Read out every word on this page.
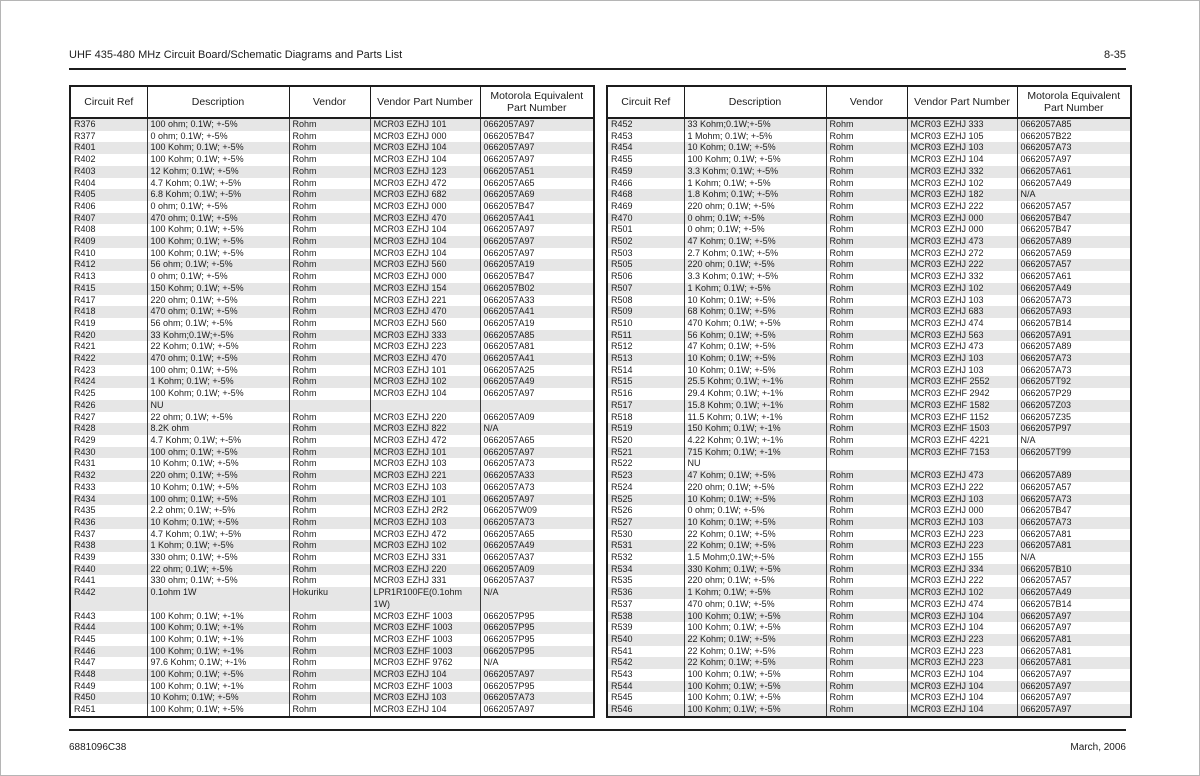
UHF 435-480 MHz Circuit Board/Schematic Diagrams and Parts List	8-35
Circuit Ref	Description	Vendor	Vendor Part Number	Motorola Equivalent Part Number
R376	100 ohm; 0.1W; +-5%	Rohm	MCR03 EZHJ 101	0662057A97
R377	0 ohm; 0.1W; +-5%	Rohm	MCR03 EZHJ 000	0662057B47
R401	100 Kohm; 0.1W; +-5%	Rohm	MCR03 EZHJ 104	0662057A97
R402	100 Kohm; 0.1W; +-5%	Rohm	MCR03 EZHJ 104	0662057A97
R403	12 Kohm; 0.1W; +-5%	Rohm	MCR03 EZHJ 123	0662057A51
R404	4.7 Kohm; 0.1W; +-5%	Rohm	MCR03 EZHJ 472	0662057A65
R405	6.8 Kohm; 0.1W; +-5%	Rohm	MCR03 EZHJ 682	0662057A69
R406	0 ohm; 0.1W; +-5%	Rohm	MCR03 EZHJ 000	0662057B47
R407	470 ohm; 0.1W; +-5%	Rohm	MCR03 EZHJ 470	0662057A41
R408	100 Kohm; 0.1W; +-5%	Rohm	MCR03 EZHJ 104	0662057A97
R409	100 Kohm; 0.1W; +-5%	Rohm	MCR03 EZHJ 104	0662057A97
R410	100 Kohm; 0.1W; +-5%	Rohm	MCR03 EZHJ 104	0662057A97
R412	56 ohm; 0.1W; +-5%	Rohm	MCR03 EZHJ 560	0662057A19
R413	0 ohm; 0.1W; +-5%	Rohm	MCR03 EZHJ 000	0662057B47
R415	150 Kohm; 0.1W; +-5%	Rohm	MCR03 EZHJ 154	0662057B02
R417	220 ohm; 0.1W; +-5%	Rohm	MCR03 EZHJ 221	0662057A33
R418	470 ohm; 0.1W; +-5%	Rohm	MCR03 EZHJ 470	0662057A41
R419	56 ohm; 0.1W; +-5%	Rohm	MCR03 EZHJ 560	0662057A19
R420	33 Kohm;0.1W;+-5%	Rohm	MCR03 EZHJ 333	0662057A85
R421	22 Kohm; 0.1W; +-5%	Rohm	MCR03 EZHJ 223	0662057A81
R422	470 ohm; 0.1W; +-5%	Rohm	MCR03 EZHJ 470	0662057A41
R423	100 ohm; 0.1W; +-5%	Rohm	MCR03 EZHJ 101	0662057A25
R424	1 Kohm; 0.1W; +-5%	Rohm	MCR03 EZHJ 102	0662057A49
R425	100 Kohm; 0.1W; +-5%	Rohm	MCR03 EZHJ 104	0662057A97
R426	NU			
R427	22 ohm; 0.1W; +-5%	Rohm	MCR03 EZHJ 220	0662057A09
R428	8.2K ohm	Rohm	MCR03 EZHJ 822	N/A
R429	4.7 Kohm; 0.1W; +-5%	Rohm	MCR03 EZHJ 472	0662057A65
R430	100 ohm; 0.1W; +-5%	Rohm	MCR03 EZHJ 101	0662057A97
R431	10 Kohm; 0.1W; +-5%	Rohm	MCR03 EZHJ 103	0662057A73
R432	220 ohm; 0.1W; +-5%	Rohm	MCR03 EZHJ 221	0662057A33
R433	10 Kohm; 0.1W; +-5%	Rohm	MCR03 EZHJ 103	0662057A73
R434	100 ohm; 0.1W; +-5%	Rohm	MCR03 EZHJ 101	0662057A97
R435	2.2 ohm; 0.1W; +-5%	Rohm	MCR03 EZHJ 2R2	0662057W09
R436	10 Kohm; 0.1W; +-5%	Rohm	MCR03 EZHJ 103	0662057A73
R437	4.7 Kohm; 0.1W; +-5%	Rohm	MCR03 EZHJ 472	0662057A65
R438	1 Kohm; 0.1W; +-5%	Rohm	MCR03 EZHJ 102	0662057A49
R439	330 ohm; 0.1W; +-5%	Rohm	MCR03 EZHJ 331	0662057A37
R440	22 ohm; 0.1W; +-5%	Rohm	MCR03 EZHJ 220	0662057A09
R441	330 ohm; 0.1W; +-5%	Rohm	MCR03 EZHJ 331	0662057A37
R442	0.1ohm 1W	Hokuriku	LPR1R100FE(0.1ohm 1W)	N/A
R443	100 Kohm; 0.1W; +-1%	Rohm	MCR03 EZHF 1003	0662057P95
R444	100 Kohm; 0.1W; +-1%	Rohm	MCR03 EZHF 1003	0662057P95
R445	100 Kohm; 0.1W; +-1%	Rohm	MCR03 EZHF 1003	0662057P95
R446	100 Kohm; 0.1W; +-1%	Rohm	MCR03 EZHF 1003	0662057P95
R447	97.6 Kohm; 0.1W; +-1%	Rohm	MCR03 EZHF 9762	N/A
R448	100 Kohm; 0.1W; +-5%	Rohm	MCR03 EZHJ 104	0662057A97
R449	100 Kohm; 0.1W; +-1%	Rohm	MCR03 EZHF 1003	0662057P95
R450	10 Kohm; 0.1W; +-5%	Rohm	MCR03 EZHJ 103	0662057A73
R451	100 Kohm; 0.1W; +-5%	Rohm	MCR03 EZHJ 104	0662057A97
Circuit Ref	Description	Vendor	Vendor Part Number	Motorola Equivalent Part Number
R452	33 Kohm;0.1W;+-5%	Rohm	MCR03 EZHJ 333	0662057A85
R453	1 Mohm; 0.1W; +-5%	Rohm	MCR03 EZHJ 105	0662057B22
R454	10 Kohm; 0.1W; +-5%	Rohm	MCR03 EZHJ 103	0662057A73
R455	100 Kohm; 0.1W; +-5%	Rohm	MCR03 EZHJ 104	0662057A97
R459	3.3 Kohm; 0.1W; +-5%	Rohm	MCR03 EZHJ 332	0662057A61
R466	1 Kohm; 0.1W; +-5%	Rohm	MCR03 EZHJ 102	0662057A49
R468	1.8 Kohm; 0.1W; +-5%	Rohm	MCR03 EZHJ 182	N/A
R469	220 ohm; 0.1W; +-5%	Rohm	MCR03 EZHJ 222	0662057A57
R470	0 ohm; 0.1W; +-5%	Rohm	MCR03 EZHJ 000	0662057B47
R501	0 ohm; 0.1W; +-5%	Rohm	MCR03 EZHJ 000	0662057B47
R502	47 Kohm; 0.1W; +-5%	Rohm	MCR03 EZHJ 473	0662057A89
R503	2.7 Kohm; 0.1W; +-5%	Rohm	MCR03 EZHJ 272	0662057A59
R505	220 ohm; 0.1W; +-5%	Rohm	MCR03 EZHJ 222	0662057A57
R506	3.3 Kohm; 0.1W; +-5%	Rohm	MCR03 EZHJ 332	0662057A61
R507	1 Kohm; 0.1W; +-5%	Rohm	MCR03 EZHJ 102	0662057A49
R508	10 Kohm; 0.1W; +-5%	Rohm	MCR03 EZHJ 103	0662057A73
R509	68 Kohm; 0.1W; +-5%	Rohm	MCR03 EZHJ 683	0662057A93
R510	470 Kohm; 0.1W; +-5%	Rohm	MCR03 EZHJ 474	0662057B14
R511	56 Kohm; 0.1W; +-5%	Rohm	MCR03 EZHJ 563	0662057A91
R512	47 Kohm; 0.1W; +-5%	Rohm	MCR03 EZHJ 473	0662057A89
R513	10 Kohm; 0.1W; +-5%	Rohm	MCR03 EZHJ 103	0662057A73
R514	10 Kohm; 0.1W; +-5%	Rohm	MCR03 EZHJ 103	0662057A73
R515	25.5 Kohm; 0.1W; +-1%	Rohm	MCR03 EZHF 2552	0662057T92
R516	29.4 Kohm; 0.1W; +-1%	Rohm	MCR03 EZHF 2942	0662057P29
R517	15.8 Kohm; 0.1W; +-1%	Rohm	MCR03 EZHF 1582	0662057Z03
R518	11.5 Kohm; 0.1W; +-1%	Rohm	MCR03 EZHF 1152	0662057Z35
R519	150 Kohm; 0.1W; +-1%	Rohm	MCR03 EZHF 1503	0662057P97
R520	4.22 Kohm; 0.1W; +-1%	Rohm	MCR03 EZHF 4221	N/A
R521	715 Kohm; 0.1W; +-1%	Rohm	MCR03 EZHF 7153	0662057T99
R522	NU			
R523	47 Kohm; 0.1W; +-5%	Rohm	MCR03 EZHJ 473	0662057A89
R524	220 ohm; 0.1W; +-5%	Rohm	MCR03 EZHJ 222	0662057A57
R525	10 Kohm; 0.1W; +-5%	Rohm	MCR03 EZHJ 103	0662057A73
R526	0 ohm; 0.1W; +-5%	Rohm	MCR03 EZHJ 000	0662057B47
R527	10 Kohm; 0.1W; +-5%	Rohm	MCR03 EZHJ 103	0662057A73
R530	22 Kohm; 0.1W; +-5%	Rohm	MCR03 EZHJ 223	0662057A81
R531	22 Kohm; 0.1W; +-5%	Rohm	MCR03 EZHJ 223	0662057A81
R532	1.5 Mohm;0.1W;+-5%	Rohm	MCR03 EZHJ 155	N/A
R534	330 Kohm; 0.1W; +-5%	Rohm	MCR03 EZHJ 334	0662057B10
R535	220 ohm; 0.1W; +-5%	Rohm	MCR03 EZHJ 222	0662057A57
R536	1 Kohm; 0.1W; +-5%	Rohm	MCR03 EZHJ 102	0662057A49
R537	470 ohm; 0.1W; +-5%	Rohm	MCR03 EZHJ 474	0662057B14
R538	100 Kohm; 0.1W; +-5%	Rohm	MCR03 EZHJ 104	0662057A97
R539	100 Kohm; 0.1W; +-5%	Rohm	MCR03 EZHJ 104	0662057A97
R540	22 Kohm; 0.1W; +-5%	Rohm	MCR03 EZHJ 223	0662057A81
R541	22 Kohm; 0.1W; +-5%	Rohm	MCR03 EZHJ 223	0662057A81
R542	22 Kohm; 0.1W; +-5%	Rohm	MCR03 EZHJ 223	0662057A81
R543	100 Kohm; 0.1W; +-5%	Rohm	MCR03 EZHJ 104	0662057A97
R544	100 Kohm; 0.1W; +-5%	Rohm	MCR03 EZHJ 104	0662057A97
R545	100 Kohm; 0.1W; +-5%	Rohm	MCR03 EZHJ 104	0662057A97
R546	100 Kohm; 0.1W; +-5%	Rohm	MCR03 EZHJ 104	0662057A97
6881096C38	March, 2006
